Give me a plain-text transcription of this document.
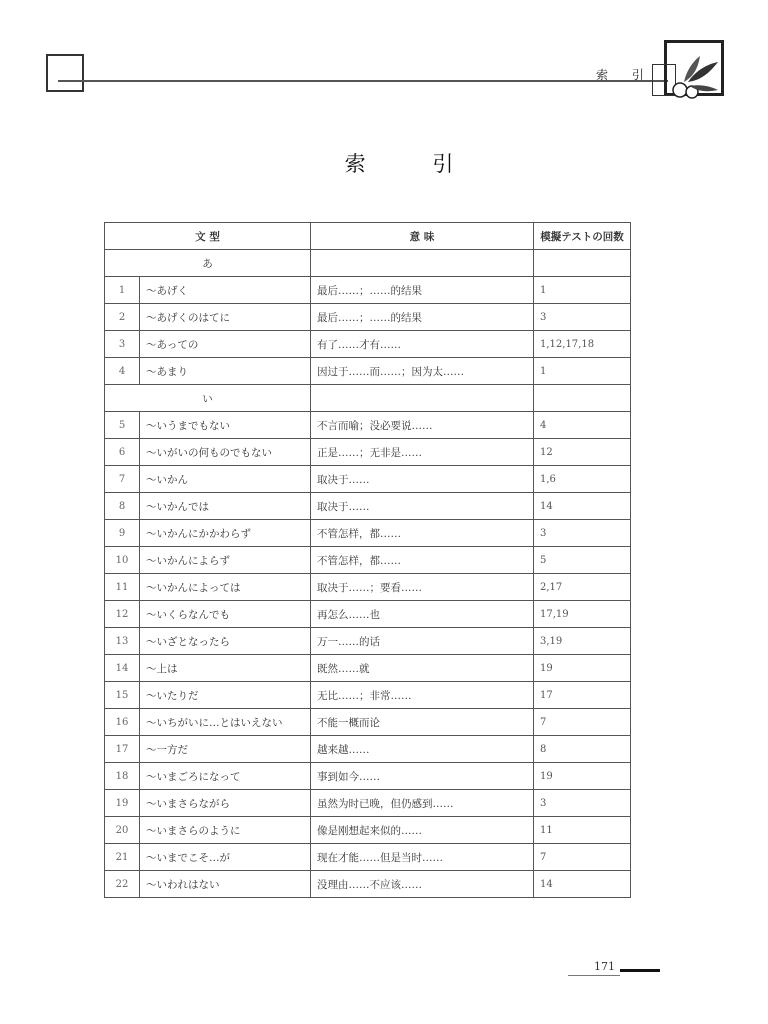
索 引
索 引
文 型		意 味	模擬テストの回数
あ			
1	～あげく	最后……；……的结果	1
2	～あげくのはてに	最后……；……的结果	3
3	～あっての	有了……才有……	1,12,17,18
4	～あまり	因过于……而……；因为太……	1
い			
5	～いうまでもない	不言而喻；没必要说……	4
6	～いがいの何ものでもない	正是……；无非是……	12
7	～いかん	取决于……	1,6
8	～いかんでは	取决于……	14
9	～いかんにかかわらず	不管怎样，都……	3
10	～いかんによらず	不管怎样，都……	5
11	～いかんによっては	取决于……；要看……	2,17
12	～いくらなんでも	再怎么……也	17,19
13	～いざとなったら	万一……的话	3,19
14	～上は	既然……就	19
15	～いたりだ	无比……；非常……	17
16	～いちがいに…とはいえない	不能一概而论	7
17	～一方だ	越来越……	8
18	～いまごろになって	事到如今……	19
19	～いまさらながら	虽然为时已晚，但仍感到……	3
20	～いまさらのように	像是刚想起来似的……	11
21	～いまでこそ…が	现在才能……但是当时……	7
22	～いわれはない	没理由……不应该……	14
171
